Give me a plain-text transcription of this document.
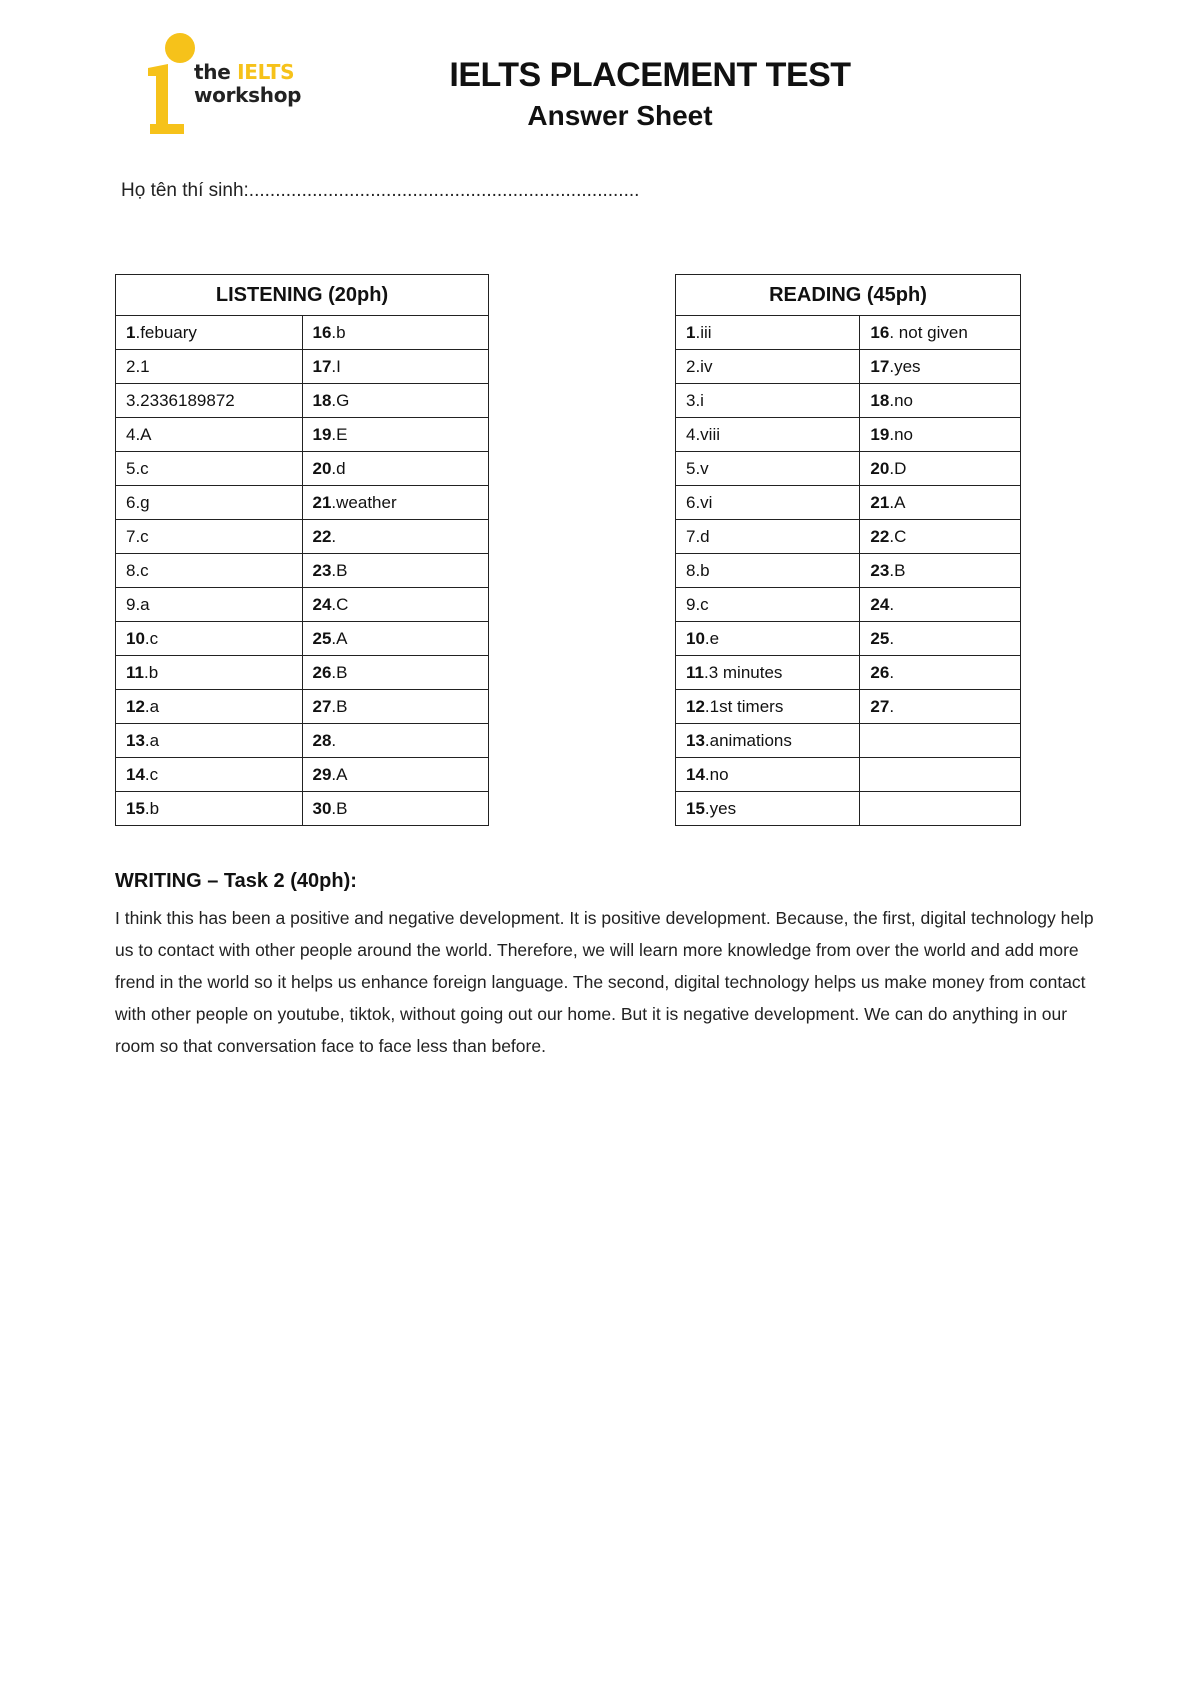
the IELTS
workshop
IELTS PLACEMENT TEST
Answer Sheet
Họ tên thí sinh:..........................................................................
LISTENING (20ph)	
1.febuary	16.b
2.1	17.I
3.2336189872	18.G
4.A	19.E
5.c	20.d
6.g	21.weather
7.c	22.
8.c	23.B
9.a	24.C
10.c	25.A
11.b	26.B
12.a	27.B
13.a	28.
14.c	29.A
15.b	30.B
READING (45ph)	
1.iii	16. not given
2.iv	17.yes
3.i	18.no
4.viii	19.no
5.v	20.D
6.vi	21.A
7.d	22.C
8.b	23.B
9.c	24.
10.e	25.
11.3 minutes	26.
12.1st timers	27.
13.animations	
14.no	
15.yes	
WRITING – Task 2 (40ph):
I think this has been a positive and negative development. It is positive development. Because, the first, digital technology help us to contact with other people around the world. Therefore, we will learn more knowledge from over the world and add more frend in the world so it helps us enhance foreign language. The second, digital technology helps us make money from contact with other people on youtube, tiktok, without going out our home. But it is negative development. We can do anything in our room so that conversation face to face less than before.
